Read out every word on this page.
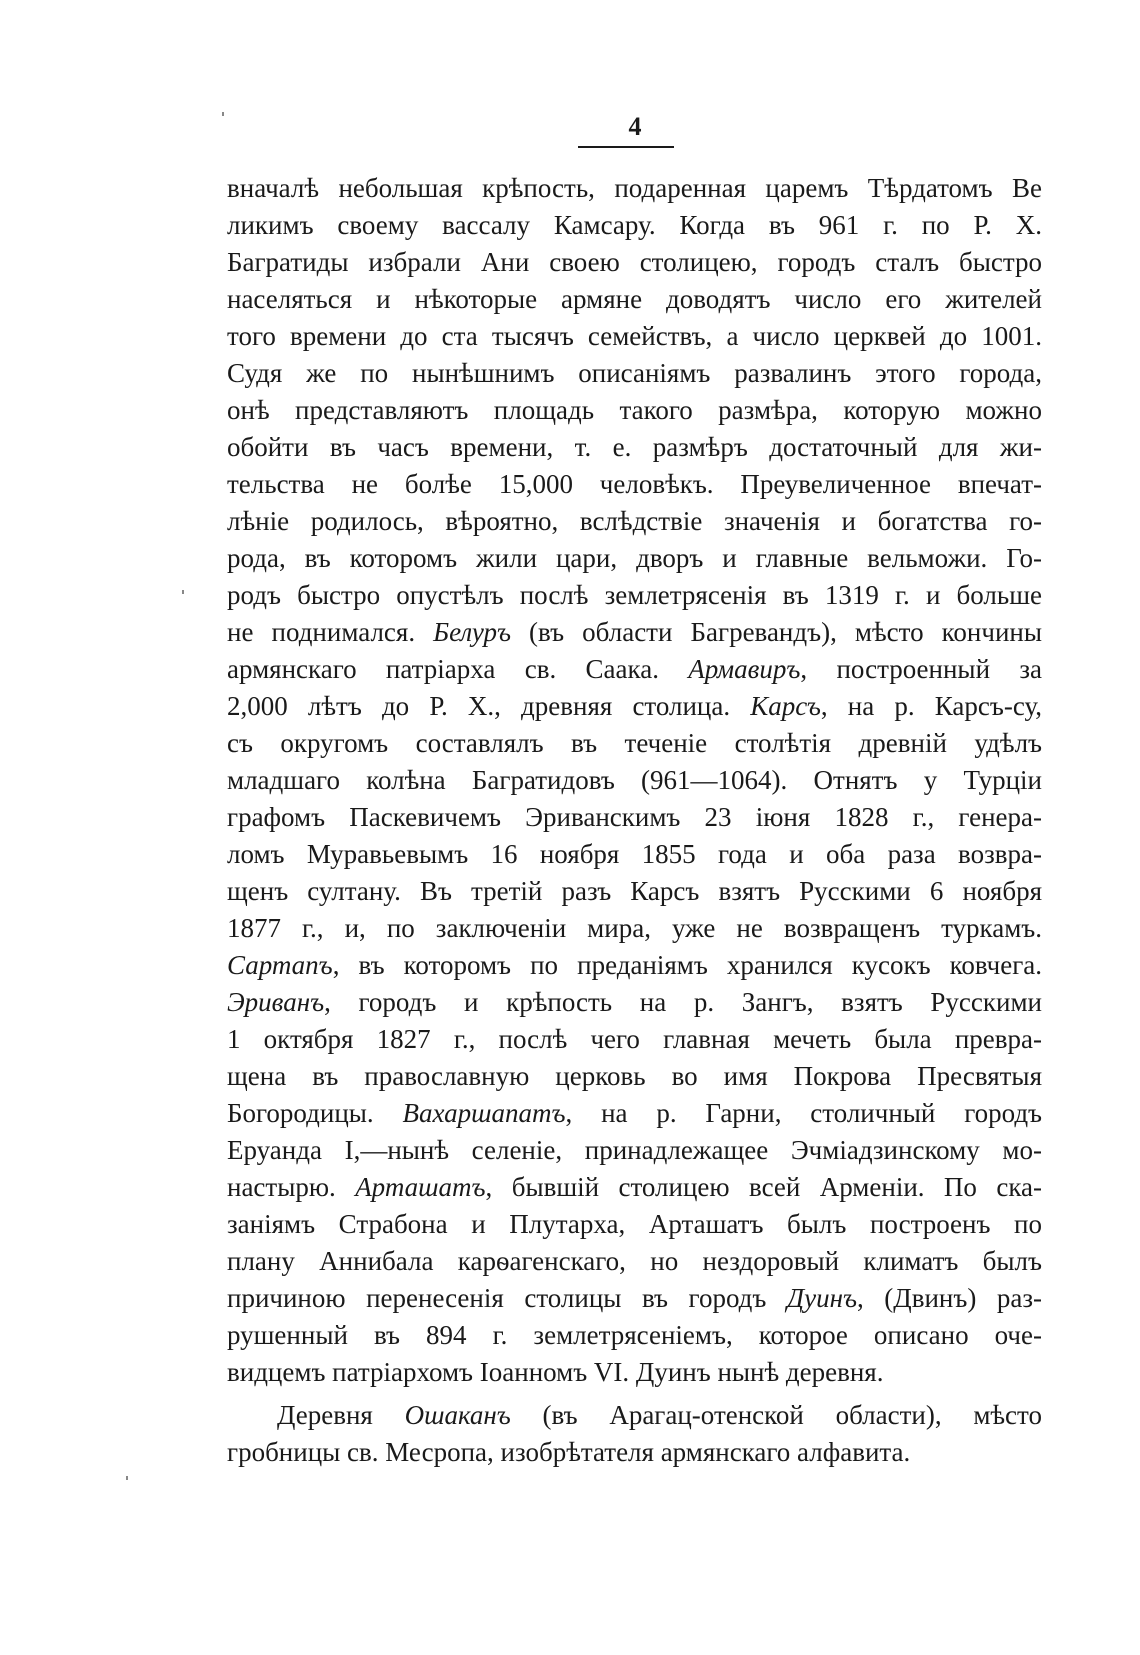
4
вначалѣ небольшая крѣпость, подаренная царемъ Тѣрдатомъ Ве
ликимъ своему вассалу Камсару. Когда въ 961 г. по Р. Х.
Багратиды избрали Ани своею столицею, городъ сталъ быстро
населяться и нѣкоторые армяне доводятъ число его жителей
того времени до ста тысячъ семействъ, а число церквей до 1001.
Судя же по нынѣшнимъ описаніямъ развалинъ этого города,
онѣ представляютъ площадь такого размѣра, которую можно
обойти въ часъ времени, т. е. размѣръ достаточный для жи-
тельства не болѣе 15,000 человѣкъ. Преувеличенное впечат-
лѣніе родилось, вѣроятно, вслѣдствіе значенія и богатства го-
рода, въ которомъ жили цари, дворъ и главные вельможи. Го-
родъ быстро опустѣлъ послѣ землетрясенія въ 1319 г. и больше
не поднимался. Белуръ (въ области Багревандъ), мѣсто кончины
армянскаго патріарха св. Саака. Армавиръ, построенный за
2,000 лѣтъ до Р. Х., древняя столица. Карсъ, на р. Карсъ-су,
съ округомъ составлялъ въ теченіе столѣтія древній удѣлъ
младшаго колѣна Багратидовъ (961—1064). Отнятъ у Турціи
графомъ Паскевичемъ Эриванскимъ 23 іюня 1828 г., генера-
ломъ Муравьевымъ 16 ноября 1855 года и оба раза возвра-
щенъ султану. Въ третій разъ Карсъ взятъ Русскими 6 ноября
1877 г., и, по заключеніи мира, уже не возвращенъ туркамъ.
Сартапъ, въ которомъ по преданіямъ хранился кусокъ ковчега.
Эриванъ, городъ и крѣпость на р. Зангъ, взятъ Русскими
1 октября 1827 г., послѣ чего главная мечеть была превра-
щена въ православную церковь во имя Покрова Пресвятыя
Богородицы. Вахаршапатъ, на р. Гарни, столичный городъ
Еруанда I,—нынѣ селеніе, принадлежащее Эчміадзинскому мо-
настырю. Арташатъ, бывшій столицею всей Арменіи. По ска-
заніямъ Страбона и Плутарха, Арташатъ былъ построенъ по
плану Аннибала карѳагенскаго, но нездоровый климатъ былъ
причиною перенесенія столицы въ городъ Дуинъ, (Двинъ) раз-
рушенный въ 894 г. землетрясеніемъ, которое описано оче-
видцемъ патріархомъ Іоанномъ VI. Дуинъ нынѣ деревня.
Деревня Ошаканъ (въ Арагац-отенской области), мѣсто
гробницы св. Месропа, изобрѣтателя армянскаго алфавита.
